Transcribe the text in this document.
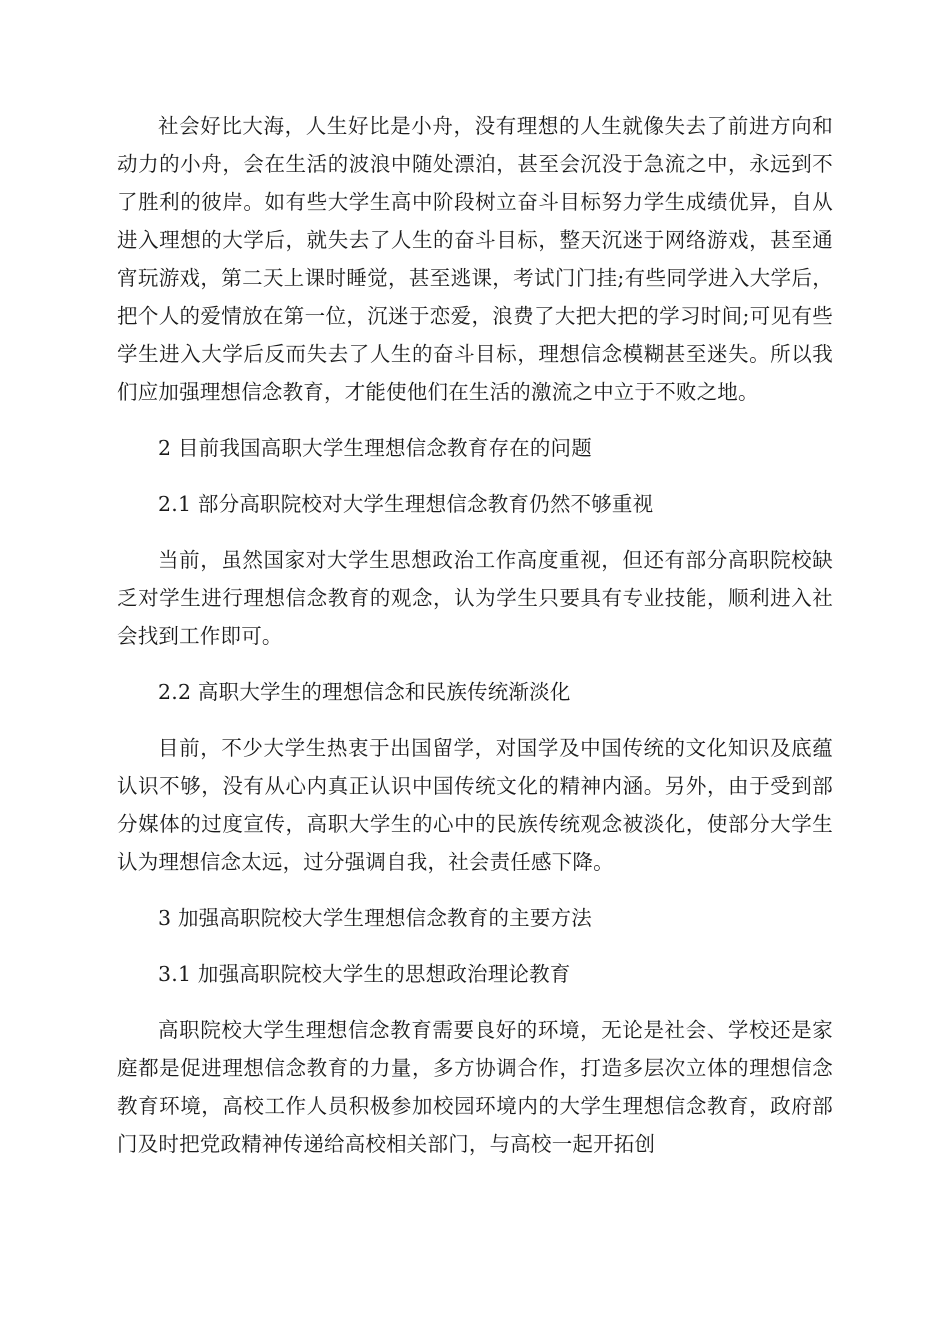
社会好比大海，人生好比是小舟，没有理想的人生就像失去了前进方向和动力的小舟，会在生活的波浪中随处漂泊，甚至会沉没于急流之中，永远到不了胜利的彼岸。如有些大学生高中阶段树立奋斗目标努力学生成绩优异，自从进入理想的大学后，就失去了人生的奋斗目标，整天沉迷于网络游戏，甚至通宵玩游戏，第二天上课时睡觉，甚至逃课，考试门门挂;有些同学进入大学后，把个人的爱情放在第一位，沉迷于恋爱，浪费了大把大把的学习时间;可见有些学生进入大学后反而失去了人生的奋斗目标，理想信念模糊甚至迷失。所以我们应加强理想信念教育，才能使他们在生活的激流之中立于不败之地。

2 目前我国高职大学生理想信念教育存在的问题

2.1 部分高职院校对大学生理想信念教育仍然不够重视

当前，虽然国家对大学生思想政治工作高度重视，但还有部分高职院校缺乏对学生进行理想信念教育的观念，认为学生只要具有专业技能，顺利进入社会找到工作即可。

2.2 高职大学生的理想信念和民族传统渐淡化

目前，不少大学生热衷于出国留学，对国学及中国传统的文化知识及底蕴认识不够，没有从心内真正认识中国传统文化的精神内涵。另外，由于受到部分媒体的过度宣传，高职大学生的心中的民族传统观念被淡化，使部分大学生认为理想信念太远，过分强调自我，社会责任感下降。

3 加强高职院校大学生理想信念教育的主要方法

3.1 加强高职院校大学生的思想政治理论教育

高职院校大学生理想信念教育需要良好的环境，无论是社会、学校还是家庭都是促进理想信念教育的力量，多方协调合作，打造多层次立体的理想信念教育环境，高校工作人员积极参加校园环境内的大学生理想信念教育，政府部门及时把党政精神传递给高校相关部门，与高校一起开拓创
